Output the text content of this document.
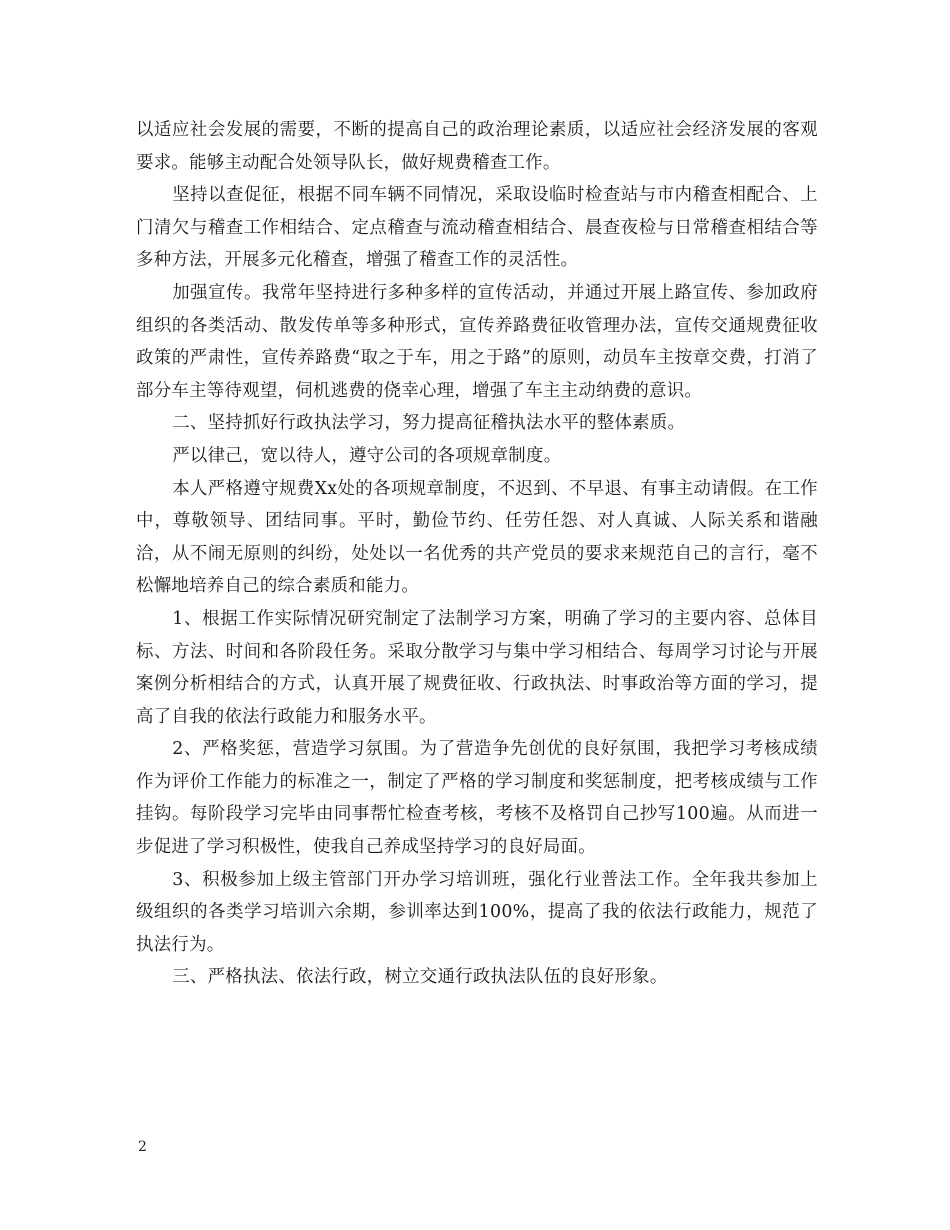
以适应社会发展的需要，不断的提高自己的政治理论素质，以适应社会经济发展的客观要求。能够主动配合处领导队长，做好规费稽查工作。

坚持以查促征，根据不同车辆不同情况，采取设临时检查站与市内稽查相配合、上门清欠与稽查工作相结合、定点稽查与流动稽查相结合、晨查夜检与日常稽查相结合等多种方法，开展多元化稽查，增强了稽查工作的灵活性。

加强宣传。我常年坚持进行多种多样的宣传活动，并通过开展上路宣传、参加政府组织的各类活动、散发传单等多种形式，宣传养路费征收管理办法，宣传交通规费征收政策的严肃性，宣传养路费“取之于车，用之于路”的原则，动员车主按章交费，打消了部分车主等待观望，伺机逃费的侥幸心理，增强了车主主动纳费的意识。

二、坚持抓好行政执法学习，努力提高征稽执法水平的整体素质。

严以律己，宽以待人，遵守公司的各项规章制度。

本人严格遵守规费Xx处的各项规章制度，不迟到、不早退、有事主动请假。在工作中，尊敬领导、团结同事。平时，勤俭节约、任劳任怨、对人真诚、人际关系和谐融洽，从不闹无原则的纠纷，处处以一名优秀的共产党员的要求来规范自己的言行，毫不松懈地培养自己的综合素质和能力。

1、根据工作实际情况研究制定了法制学习方案，明确了学习的主要内容、总体目标、方法、时间和各阶段任务。采取分散学习与集中学习相结合、每周学习讨论与开展案例分析相结合的方式，认真开展了规费征收、行政执法、时事政治等方面的学习，提高了自我的依法行政能力和服务水平。

2、严格奖惩，营造学习氛围。为了营造争先创优的良好氛围，我把学习考核成绩作为评价工作能力的标准之一，制定了严格的学习制度和奖惩制度，把考核成绩与工作挂钩。每阶段学习完毕由同事帮忙检查考核，考核不及格罚自己抄写100遍。从而进一步促进了学习积极性，使我自己养成坚持学习的良好局面。

3、积极参加上级主管部门开办学习培训班，强化行业普法工作。全年我共参加上级组织的各类学习培训六余期，参训率达到100%，提高了我的依法行政能力，规范了执法行为。

三、严格执法、依法行政，树立交通行政执法队伍的良好形象。

2
